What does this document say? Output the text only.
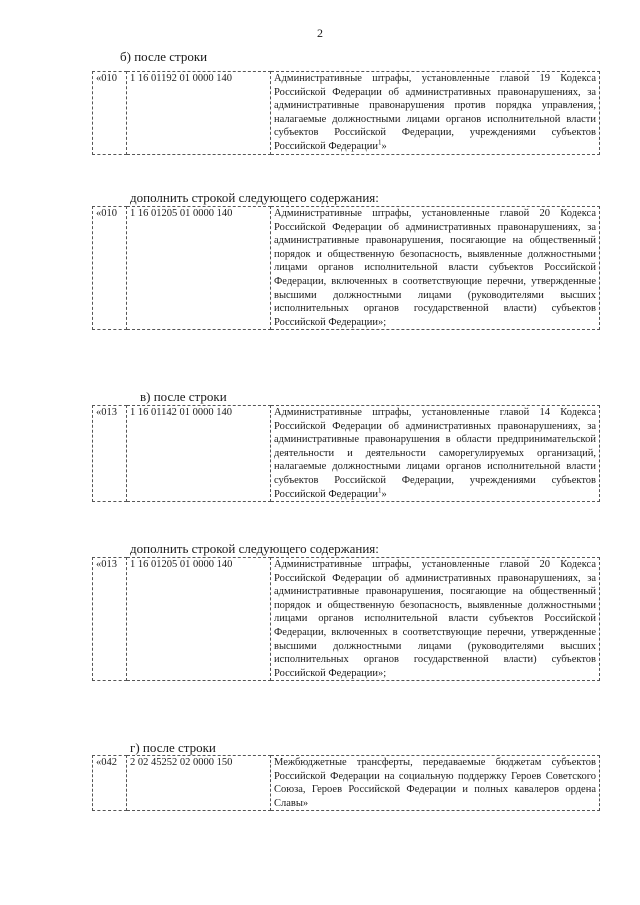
2
б) после строки
«010	1 16 01192 01 0000 140	Административные штрафы, установленные главой 19 Кодекса Российской Федерации об административных правонарушениях, за административные правонарушения против порядка управления, налагаемые должностными лицами органов исполнительной власти субъектов Российской Федерации, учреждениями субъектов Российской Федерации$^1$»
дополнить строкой следующего содержания:
«010	1 16 01205 01 0000 140	Административные штрафы, установленные главой 20 Кодекса Российской Федерации об административных правонарушениях, за административные правонарушения, посягающие на общественный порядок и общественную безопасность, выявленные должностными лицами органов исполнительной власти субъектов Российской Федерации, включенных в соответствующие перечни, утвержденные высшими должностными лицами (руководителями высших исполнительных органов государственной власти) субъектов Российской Федерации»;
в) после строки
«013	1 16 01142 01 0000 140	Административные штрафы, установленные главой 14 Кодекса Российской Федерации об административных правонарушениях, за административные правонарушения в области предпринимательской деятельности и деятельности саморегулируемых организаций, налагаемые должностными лицами органов исполнительной власти субъектов Российской Федерации, учреждениями субъектов Российской Федерации$^1$»
дополнить строкой следующего содержания:
«013	1 16 01205 01 0000 140	Административные штрафы, установленные главой 20 Кодекса Российской Федерации об административных правонарушениях, за административные правонарушения, посягающие на общественный порядок и общественную безопасность, выявленные должностными лицами органов исполнительной власти субъектов Российской Федерации, включенных в соответствующие перечни, утвержденные высшими должностными лицами (руководителями высших исполнительных органов государственной власти) субъектов Российской Федерации»;
г) после строки
«042	2 02 45252 02 0000 150	Межбюджетные трансферты, передаваемые бюджетам субъектов Российской Федерации на социальную поддержку Героев Советского Союза, Героев Российской Федерации и полных кавалеров ордена Славы»
